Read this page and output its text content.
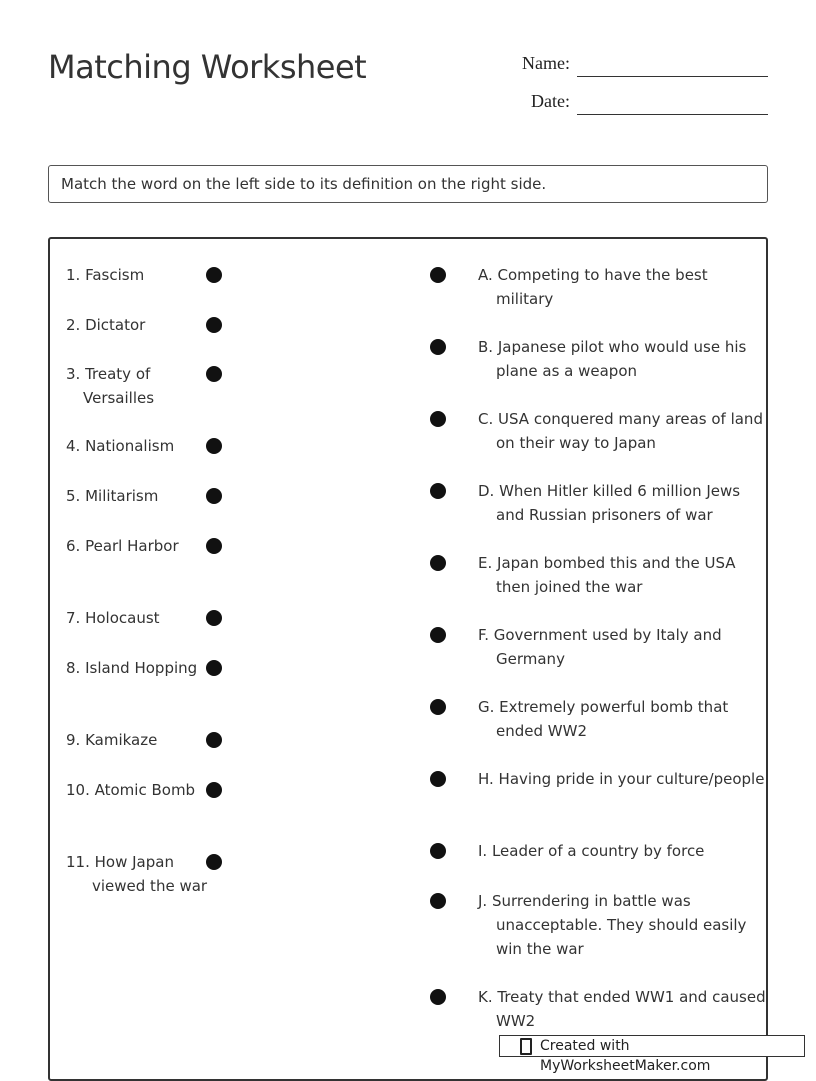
Matching Worksheet	Name:
Date:
Match the word on the left side to its definition on the right side.
1. Fascism
2. Dictator
3. Treaty of Versailles
4. Nationalism
5. Militarism
6. Pearl Harbor
7. Holocaust
8. Island Hopping
9. Kamikaze
10. Atomic Bomb
11. How Japan viewed the war
A. Competing to have the best military
B. Japanese pilot who would use his plane as a weapon
C. USA conquered many areas of land on their way to Japan
D. When Hitler killed 6 million Jews and Russian prisoners of war
E. Japan bombed this and the USA then joined the war
F. Government used by Italy and Germany
G. Extremely powerful bomb that ended WW2
H. Having pride in your culture/people
I. Leader of a country by force
J. Surrendering in battle was unacceptable. They should easily win the war
K. Treaty that ended WW1 and caused WW2
Created with MyWorksheetMaker.com
